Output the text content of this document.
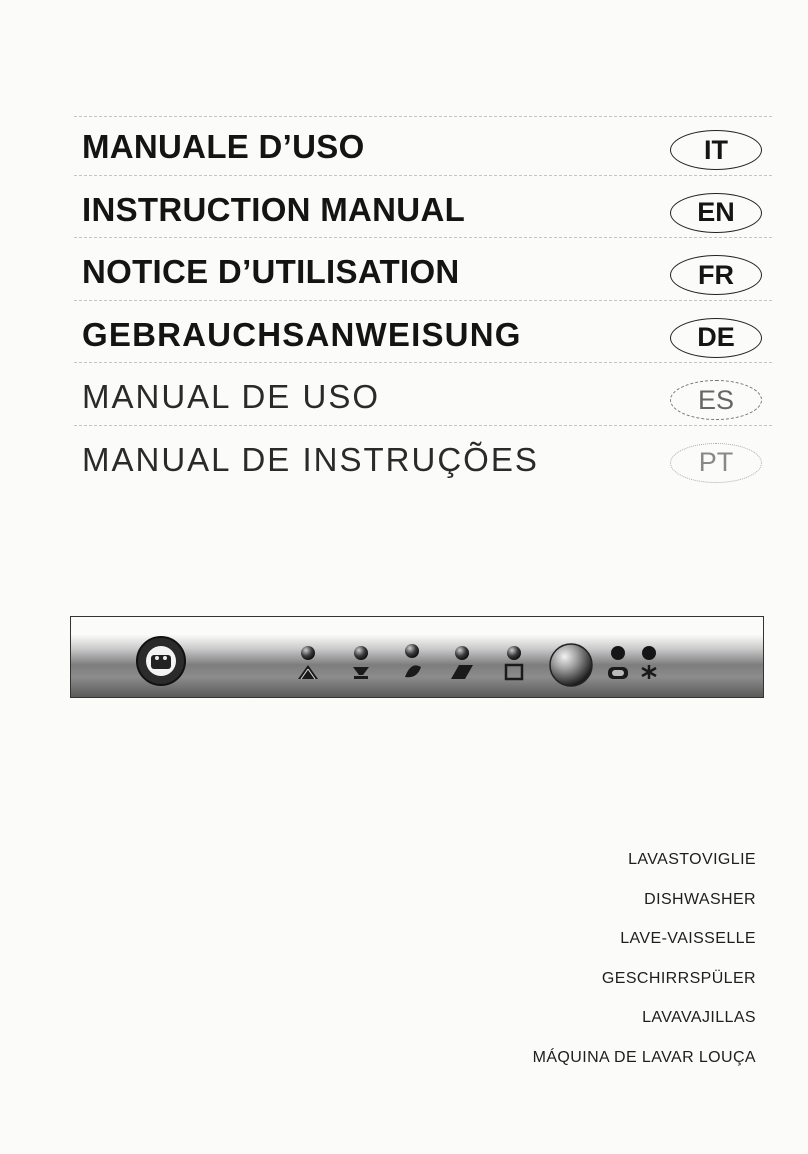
MANUALE D’USO	IT
INSTRUCTION MANUAL	EN
NOTICE D’UTILISATION	FR
GEBRAUCHSANWEISUNG	DE
MANUAL DE USO	ES
MANUAL DE INSTRUÇÕES	PT
LAVASTOVIGLIE
DISHWASHER
LAVE-VAISSELLE
GESCHIRRSPÜLER
LAVAVAJILLAS
MÁQUINA DE LAVAR LOUÇA
